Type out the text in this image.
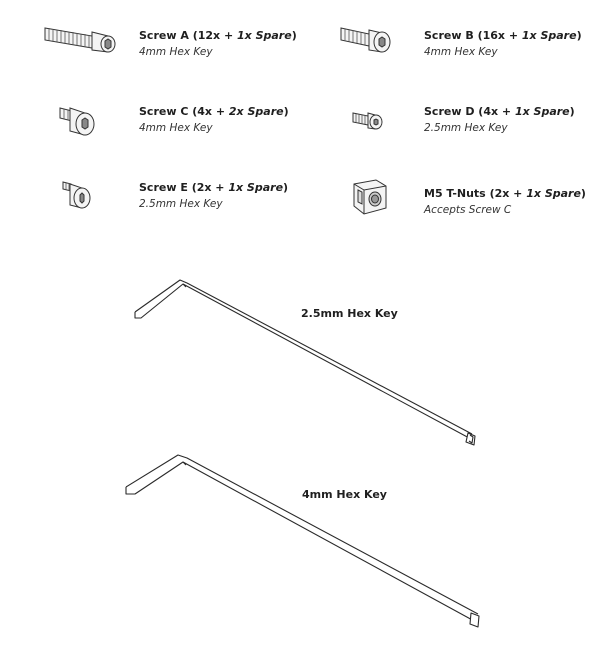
Screw A (12x + 1x Spare)
4mm Hex Key
Screw B (16x + 1x Spare)
4mm Hex Key
Screw C (4x + 2x Spare)
4mm Hex Key
Screw D (4x + 1x Spare)
2.5mm Hex Key
Screw E (2x + 1x Spare)
2.5mm Hex Key
M5 T-Nuts (2x + 1x Spare)
Accepts Screw C
2.5mm Hex Key
4mm Hex Key
